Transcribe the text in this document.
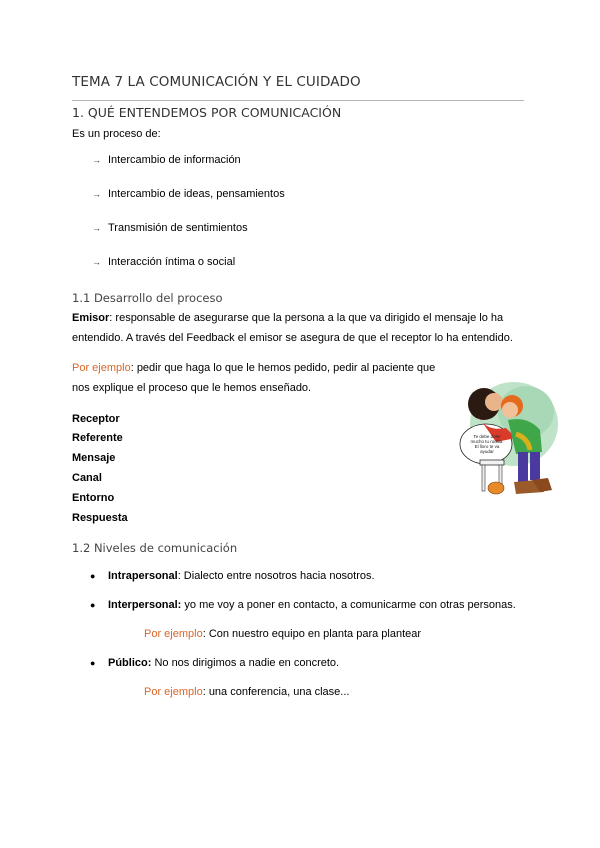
TEMA 7 LA COMUNICACIÓN Y EL CUIDADO
1. QUÉ ENTENDEMOS POR COMUNICACIÓN
Es un proceso de:
→ Intercambio de información
→ Intercambio de ideas, pensamientos
→ Transmisión de sentimientos
→ Interacción íntima o social
1.1 Desarrollo del proceso
Emisor: responsable de asegurarse que la persona a la que va dirigido el mensaje lo ha
entendido. A través del Feedback el emisor se asegura de que el receptor lo ha entendido.
Por ejemplo: pedir que haga lo que le hemos pedido, pedir al paciente que
nos explique el proceso que le hemos enseñado.
Receptor
Referente
Mensaje
Canal
Entorno
Respuesta
Te debe doler mucho tu rodilla. El lloro te va ayudar
1.2 Niveles de comunicación
● Intrapersonal: Dialecto entre nosotros hacia nosotros.
● Interpersonal: yo me voy a poner en contacto, a comunicarme con otras personas.
Por ejemplo: Con nuestro equipo en planta para plantear
● Público: No nos dirigimos a nadie en concreto.
Por ejemplo: una conferencia, una clase...
